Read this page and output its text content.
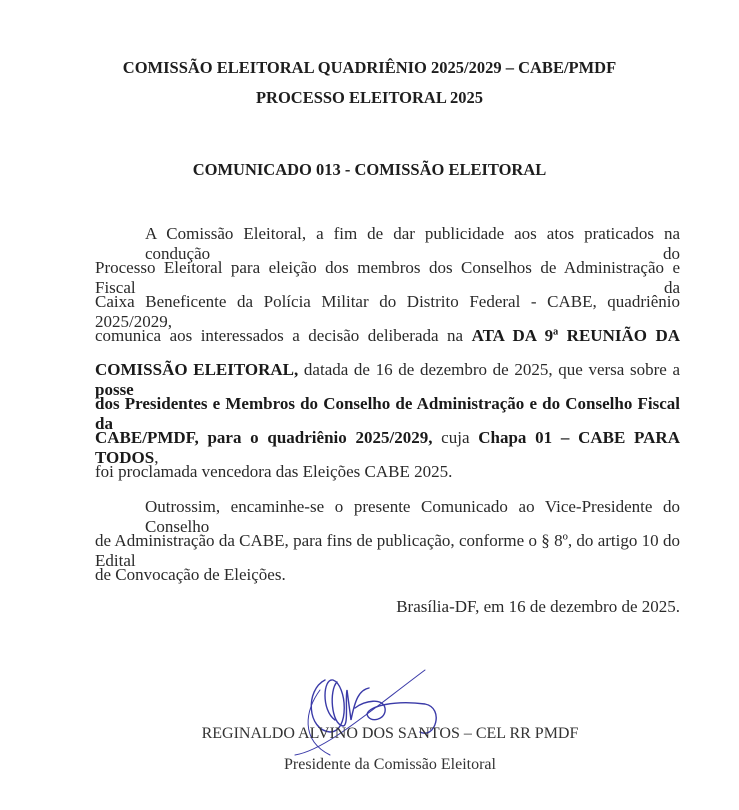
COMISSÃO ELEITORAL QUADRIÊNIO 2025/2029 – CABE/PMDF
PROCESSO ELEITORAL 2025
COMUNICADO 013 - COMISSÃO ELEITORAL
A Comissão Eleitoral, a fim de dar publicidade aos atos praticados na condução do
Processo Eleitoral para eleição dos membros dos Conselhos de Administração e Fiscal da
Caixa Beneficente da Polícia Militar do Distrito Federal - CABE, quadriênio 2025/2029,
comunica aos interessados a decisão deliberada na ATA DA 9ª REUNIÃO DA
COMISSÃO ELEITORAL, datada de 16 de dezembro de 2025, que versa sobre a posse
dos Presidentes e Membros do Conselho de Administração e do Conselho Fiscal da
CABE/PMDF, para o quadriênio 2025/2029, cuja Chapa 01 – CABE PARA TODOS,
foi proclamada vencedora das Eleições CABE 2025.
Outrossim, encaminhe-se o presente Comunicado ao Vice-Presidente do Conselho
de Administração da CABE, para fins de publicação, conforme o § 8º, do artigo 10 do Edital
de Convocação de Eleições.
Brasília-DF, em 16 de dezembro de 2025.
REGINALDO ALVINO DOS SANTOS – CEL RR PMDF
Presidente da Comissão Eleitoral
